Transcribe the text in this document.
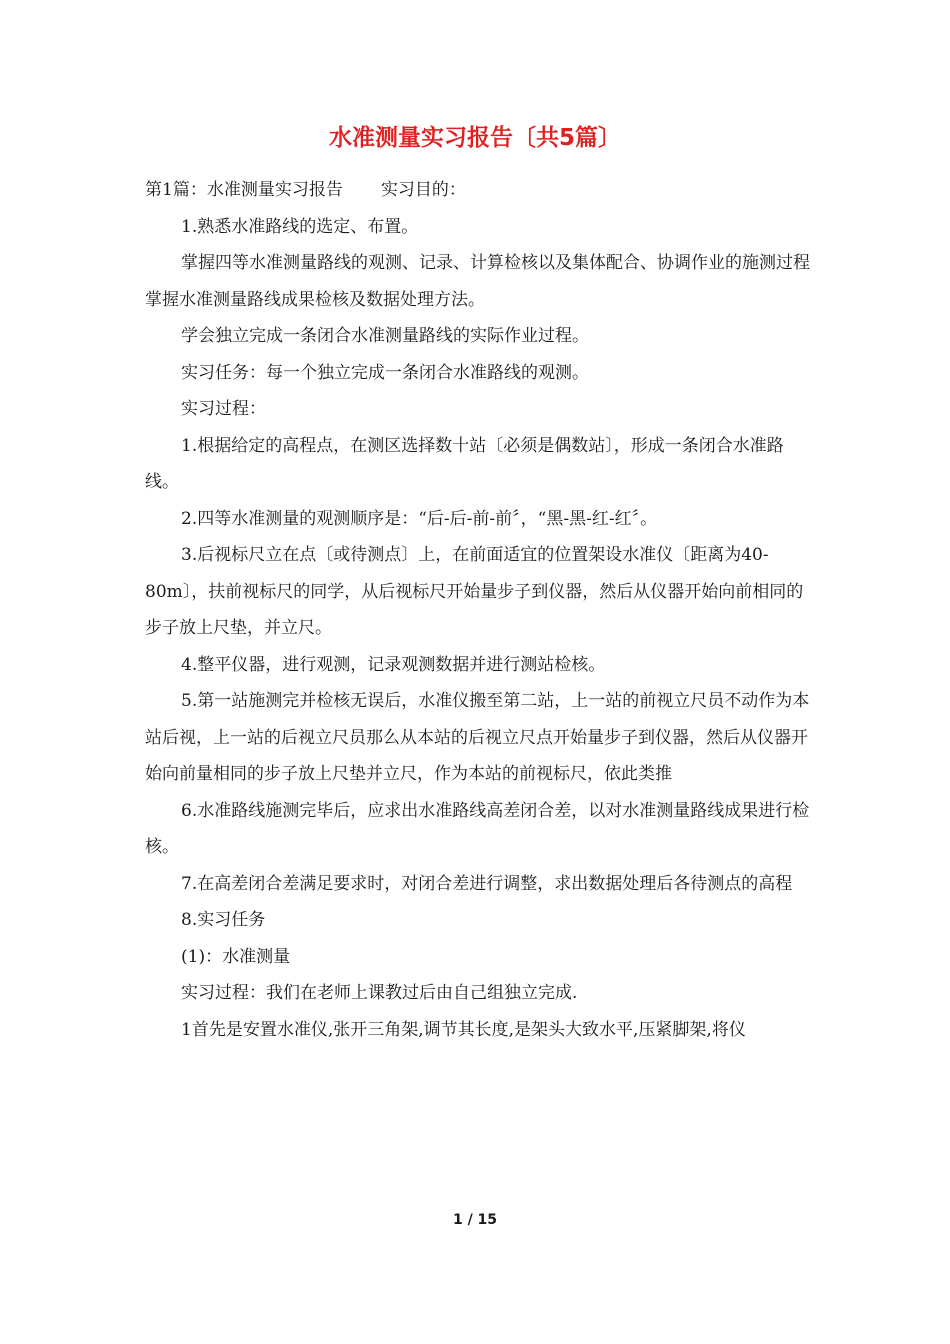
水准测量实习报告〔共5篇〕

第1篇：水准测量实习报告 实习目的：

1.熟悉水准路线的选定、布置。

掌握四等水准测量路线的观测、记录、计算检核以及集体配合、协调作业的施测过程掌握水准测量路线成果检核及数据处理方法。

学会独立完成一条闭合水准测量路线的实际作业过程。

实习任务：每一个独立完成一条闭合水准路线的观测。

实习过程：

1.根据给定的高程点，在测区选择数十站〔必须是偶数站〕，形成一条闭合水准路线。

2.四等水准测量的观测顺序是：“后-后-前-前〞，“黑-黑-红-红〞。

3.后视标尺立在点〔或待测点〕上，在前面适宜的位置架设水准仪〔距离为40-80m〕，扶前视标尺的同学，从后视标尺开始量步子到仪器，然后从仪器开始向前相同的步子放上尺垫，并立尺。

4.整平仪器，进行观测，记录观测数据并进行测站检核。

5.第一站施测完并检核无误后，水准仪搬至第二站，上一站的前视立尺员不动作为本站后视，上一站的后视立尺员那么从本站的后视立尺点开始量步子到仪器，然后从仪器开始向前量相同的步子放上尺垫并立尺，作为本站的前视标尺，依此类推

6.水准路线施测完毕后，应求出水准路线高差闭合差，以对水准测量路线成果进行检核。

7.在高差闭合差满足要求时，对闭合差进行调整，求出数据处理后各待测点的高程

8.实习任务

(1)：水准测量

实习过程：我们在老师上课教过后由自己组独立完成.

1首先是安置水准仪,张开三角架,调节其长度,是架头大致水平,压紧脚架,将仪

1 / 15
